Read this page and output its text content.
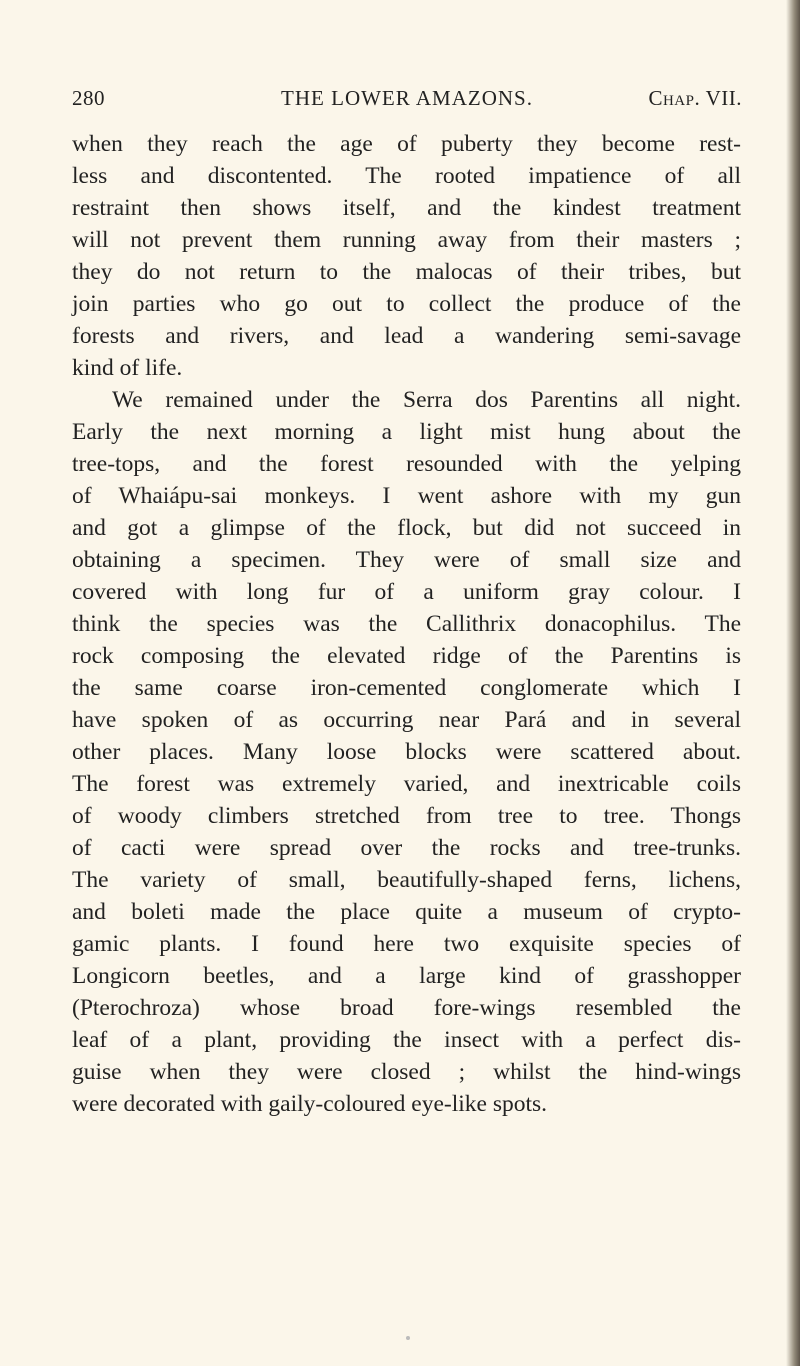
280	THE LOWER AMAZONS.	Chap. VII.
when they reach the age of puberty they become rest-
less and discontented. The rooted impatience of all
restraint then shows itself, and the kindest treatment
will not prevent them running away from their masters ;
they do not return to the malocas of their tribes, but
join parties who go out to collect the produce of the
forests and rivers, and lead a wandering semi-savage
kind of life.
We remained under the Serra dos Parentins all night.
Early the next morning a light mist hung about the
tree-tops, and the forest resounded with the yelping
of Whaiápu-sai monkeys. I went ashore with my gun
and got a glimpse of the flock, but did not succeed in
obtaining a specimen. They were of small size and
covered with long fur of a uniform gray colour. I
think the species was the Callithrix donacophilus. The
rock composing the elevated ridge of the Parentins is
the same coarse iron-cemented conglomerate which I
have spoken of as occurring near Pará and in several
other places. Many loose blocks were scattered about.
The forest was extremely varied, and inextricable coils
of woody climbers stretched from tree to tree. Thongs
of cacti were spread over the rocks and tree-trunks.
The variety of small, beautifully-shaped ferns, lichens,
and boleti made the place quite a museum of crypto-
gamic plants. I found here two exquisite species of
Longicorn beetles, and a large kind of grasshopper
(Pterochroza) whose broad fore-wings resembled the
leaf of a plant, providing the insect with a perfect dis-
guise when they were closed ; whilst the hind-wings
were decorated with gaily-coloured eye-like spots.
